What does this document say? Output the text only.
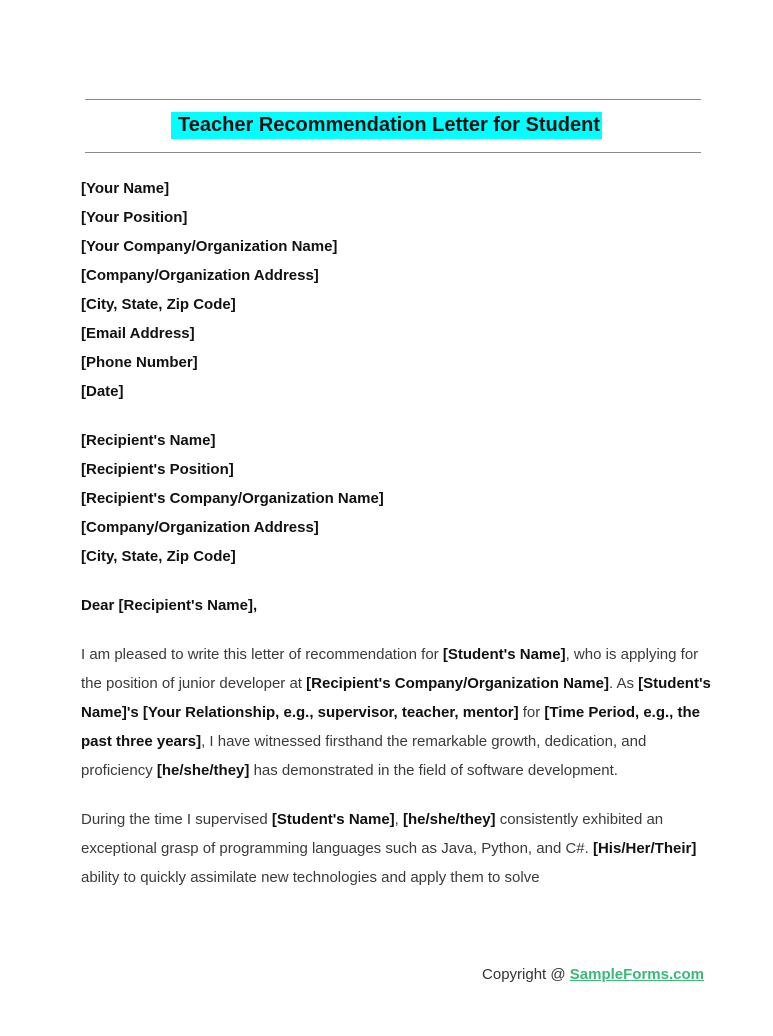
Teacher Recommendation Letter for Student
[Your Name]
[Your Position]
[Your Company/Organization Name]
[Company/Organization Address]
[City, State, Zip Code]
[Email Address]
[Phone Number]
[Date]
[Recipient's Name]
[Recipient's Position]
[Recipient's Company/Organization Name]
[Company/Organization Address]
[City, State, Zip Code]
Dear [Recipient's Name],

I am pleased to write this letter of recommendation for [Student's Name], who is applying for the position of junior developer at [Recipient's Company/Organization Name]. As [Student's Name]'s [Your Relationship, e.g., supervisor, teacher, mentor] for [Time Period, e.g., the past three years], I have witnessed firsthand the remarkable growth, dedication, and proficiency [he/she/they] has demonstrated in the field of software development.

During the time I supervised [Student's Name], [he/she/they] consistently exhibited an exceptional grasp of programming languages such as Java, Python, and C#. [His/Her/Their] ability to quickly assimilate new technologies and apply them to solve

Copyright @ SampleForms.com
